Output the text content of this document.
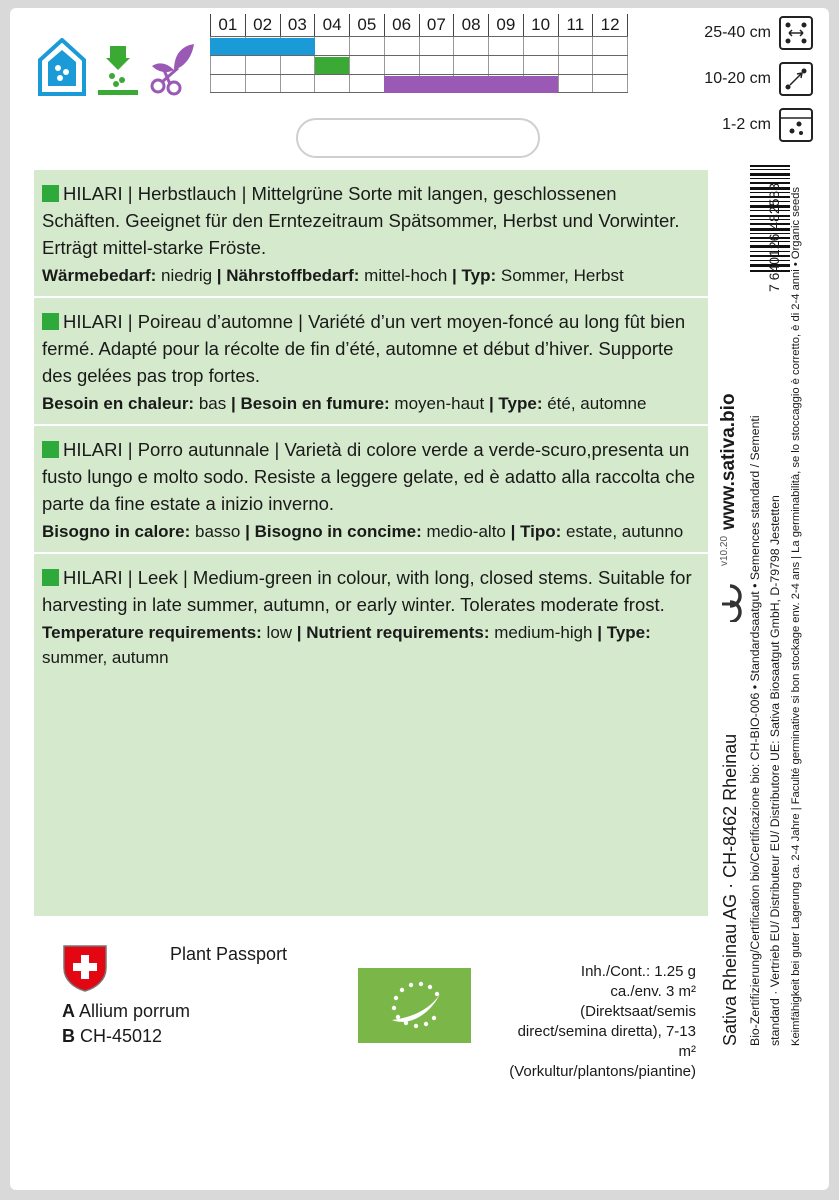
01 02 03 04 05 06 07 08 09 10 11 12	25-40 cm
10-20 cm
1-2 cm
HILARI | Herbstlauch | Mittelgrüne Sorte mit langen, geschlossenen Schäften. Geeignet für den Erntezeitraum Spätsommer, Herbst und Vorwinter. Erträgt mittel-starke Fröste.
Wärmebedarf: niedrig | Nährstoffbedarf: mittel-hoch | Typ: Sommer, Herbst
HILARI | Poireau d’automne | Variété d’un vert moyen-foncé au long fût bien fermé. Adapté pour la récolte de fin d’été, automne et début d’hiver. Supporte des gelées pas trop fortes.
Besoin en chaleur: bas | Besoin en fumure: moyen-haut | Type: été, automne
HILARI | Porro autunnale | Varietà di colore verde a verde-scuro,presenta un fusto lungo e molto sodo. Resiste a leggere gelate, ed è adatto alla raccolta che parte da fine estate a inizio inverno.
Bisogno in calore: basso | Bisogno in concime: medio-alto | Tipo: estate, autunno
HILARI | Leek | Medium-green in colour, with long, closed stems. Suitable for harvesting in late summer, autumn, or early winter. Tolerates moderate frost.
Temperature requirements: low | Nutrient requirements: medium-high | Type: summer, autumn
www.sativa.bio
v10.20
7 640126 482583
Sativa Rheinau AG · CH-8462 Rheinau Bio-Zertifizierung/Certification bio/Certificazione bio: CH-BIO-006 • Standardsaatgut • Semences standard / Sementi standard · Vertrieb EU/ Distributeur EU/ Distributore UE: Sativa Biosaatgut GmbH, D-79798 Jestetten Keimfähigkeit bei guter Lagerung ca. 2-4 Jahre | Faculté germinative si bon stockage env. 2-4 ans | La germinabilità, se lo stoccaggio è corretto, è di 2-4 anni • Organic seeds
Plant Passport
A Allium porrum
B CH-45012
Inh./Cont.: 1.25 g
ca./env. 3 m² (Direktsaat/semis
direct/semina diretta), 7-13 m²
(Vorkultur/plantons/piantine)
